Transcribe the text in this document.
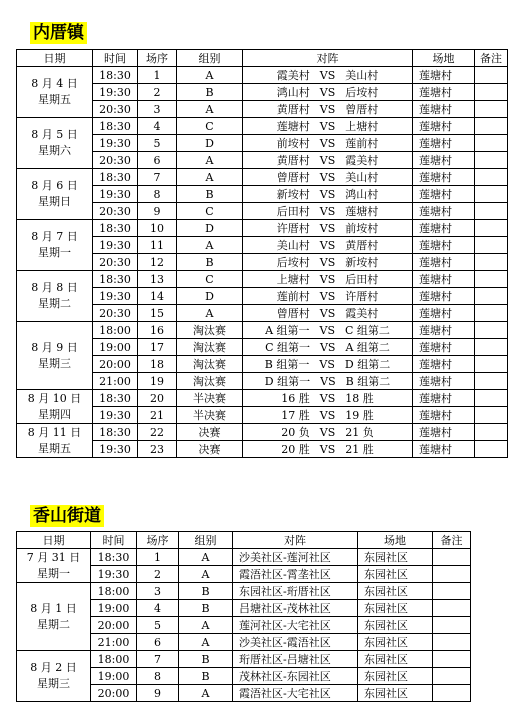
内厝镇
日期	时间	场序	组别	对阵	场地	备注

8 月 4 日
星期五	18:30	1	A	霞美村 VS 美山村	莲塘村	
	19:30	2	B	鸿山村 VS 后垵村	莲塘村	
	20:30	3	A	黄厝村 VS 曾厝村	莲塘村	

8 月 5 日
星期六	18:30	4	C	莲塘村 VS 上塘村	莲塘村	
	19:30	5	D	前垵村 VS 莲前村	莲塘村	
	20:30	6	A	黄厝村 VS 霞美村	莲塘村	

8 月 6 日
星期日	18:30	7	A	曾厝村 VS 美山村	莲塘村	
	19:30	8	B	新垵村 VS 鸿山村	莲塘村	
	20:30	9	C	后田村 VS 莲塘村	莲塘村	

8 月 7 日
星期一	18:30	10	D	许厝村 VS 前垵村	莲塘村	
	19:30	11	A	美山村 VS 黄厝村	莲塘村	
	20:30	12	B	后垵村 VS 新垵村	莲塘村	

8 月 8 日
星期二	18:30	13	C	上塘村 VS 后田村	莲塘村	
	19:30	14	D	莲前村 VS 许厝村	莲塘村	
	20:30	15	A	曾厝村 VS 霞美村	莲塘村	

8 月 9 日
星期三	18:00	16	淘汰赛	A 组第一 VS C 组第二	莲塘村	
	19:00	17	淘汰赛	C 组第一 VS A 组第二	莲塘村	
	20:00	18	淘汰赛	B 组第一 VS D 组第二	莲塘村	
	21:00	19	淘汰赛	D 组第一 VS B 组第二	莲塘村	

8 月 10 日
星期四	18:30	20	半决赛	16 胜 VS 18 胜	莲塘村	
	19:30	21	半决赛	17 胜 VS 19 胜	莲塘村	

8 月 11 日
星期五	18:30	22	决赛	20 负 VS 21 负	莲塘村	
	19:30	23	决赛	20 胜 VS 21 胜	莲塘村	
香山街道
日期	时间	场序	组别	对阵	场地	备注

7 月 31 日
星期一	18:30	1	A	沙美社区-莲河社区	东园社区	
	19:30	2	A	霞浯社区-霄垄社区	东园社区	

8 月 1 日
星期二	18:00	3	B	东园社区-珩厝社区	东园社区	
	19:00	4	B	吕塘社区-茂林社区	东园社区	
	20:00	5	A	莲河社区-大宅社区	东园社区	
	21:00	6	A	沙美社区-霞浯社区	东园社区	

8 月 2 日
星期三	18:00	7	B	珩厝社区-吕塘社区	东园社区	
	19:00	8	B	茂林社区-东园社区	东园社区	
	20:00	9	A	霞浯社区-大宅社区	东园社区	
